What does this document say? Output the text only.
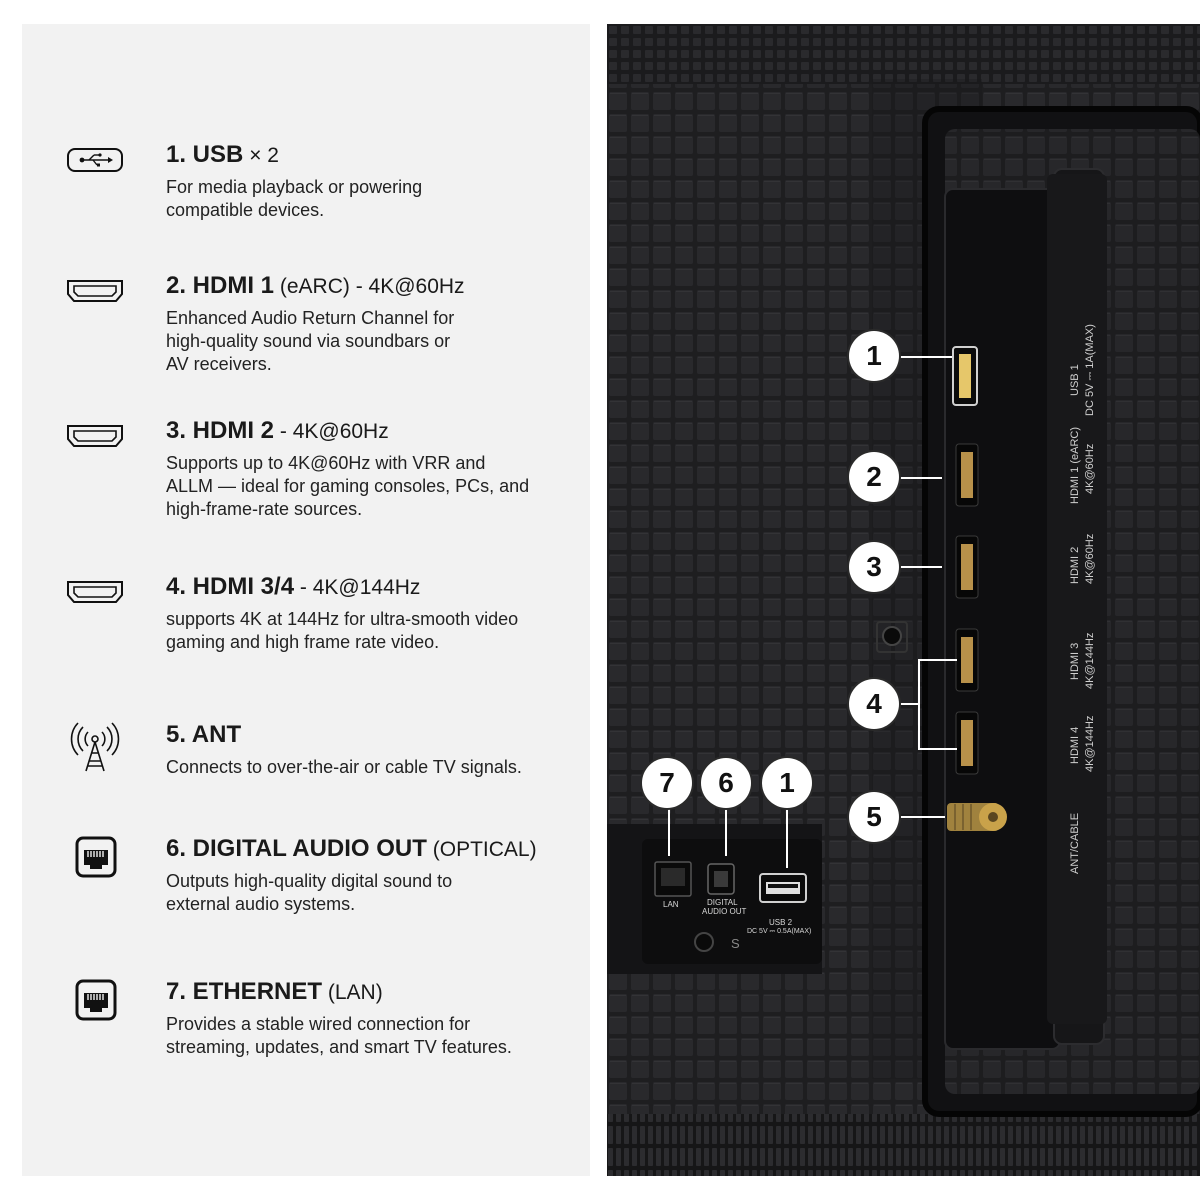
1. USB × 2
For media playback or powering
compatible devices.
2. HDMI 1 (eARC) - 4K@60Hz
Enhanced Audio Return Channel for
high-quality sound via soundbars or
AV receivers.
3. HDMI 2 - 4K@60Hz
Supports up to 4K@60Hz with VRR and
ALLM — ideal for gaming consoles, PCs, and
high-frame-rate sources.
4. HDMI 3/4 - 4K@144Hz
supports 4K at 144Hz for ultra-smooth video
gaming and high frame rate video.
5. ANT
Connects to over-the-air or cable TV signals.
6. DIGITAL AUDIO OUT (OPTICAL)
Outputs high-quality digital sound to
external audio systems.
7. ETHERNET (LAN)
Provides a stable wired connection for
streaming, updates, and smart TV features.
1
2
3
4
5
7	6	1
USB 1 DC 5V ⎓ 1A(MAX)
HDMI 1 (eARC) 4K@60Hz
HDMI 2 4K@60Hz
HDMI 3 4K@144Hz
HDMI 4 4K@144Hz
ANT/CABLE
LAN	DIGITAL
AUDIO OUT
USB 2
DC 5V ⎓ 0.5A(MAX)
S
